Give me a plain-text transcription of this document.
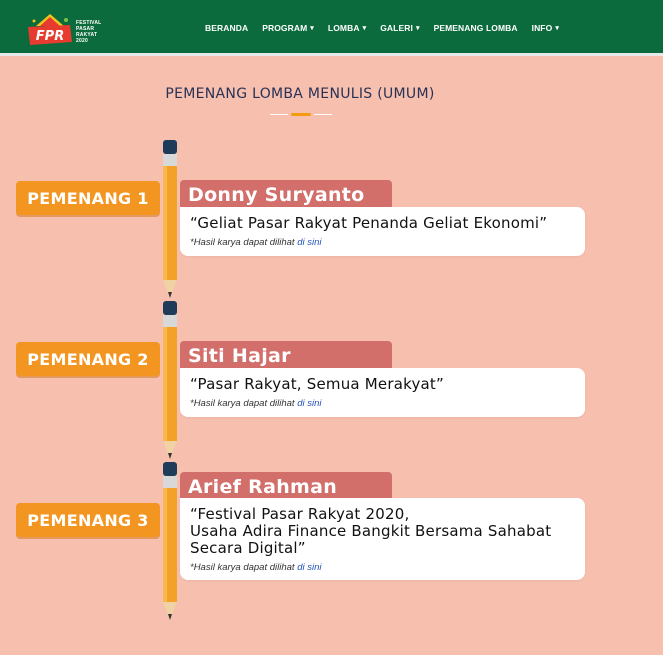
FPR
FESTIVAL
PASAR
RAKYAT
2020
BERANDA PROGRAM ▾ LOMBA ▾ GALERI ▾ PEMENANG LOMBA INFO ▾
PEMENANG LOMBA MENULIS (UMUM)
PEMENANG 1	Donny Suryanto
“Geliat Pasar Rakyat Penanda Geliat Ekonomi”
*Hasil karya dapat dilihat di sini
PEMENANG 2	Siti Hajar
“Pasar Rakyat, Semua Merakyat”
*Hasil karya dapat dilihat di sini
PEMENANG 3
Arief Rahman
“Festival Pasar Rakyat 2020,
Usaha Adira Finance Bangkit Bersama Sahabat
Secara Digital”
*Hasil karya dapat dilihat di sini
